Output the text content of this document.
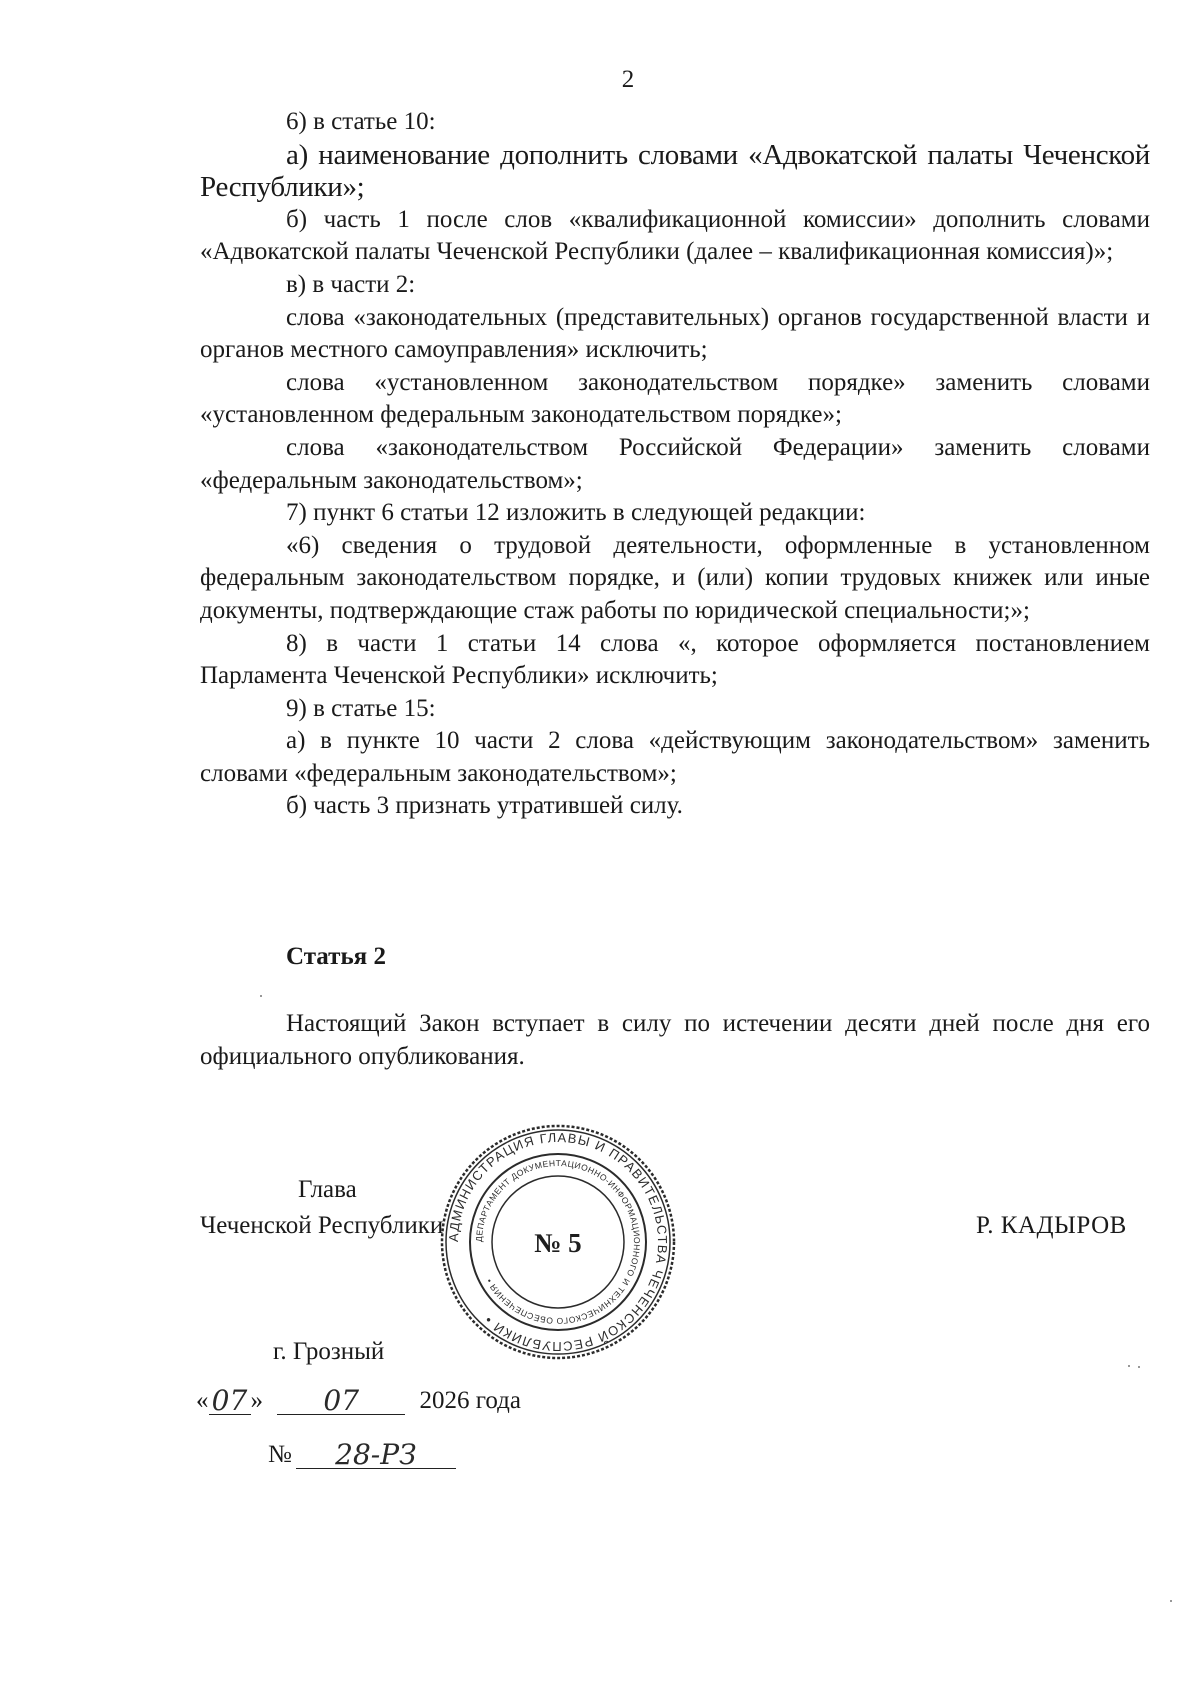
2

6) в статье 10:

а) наименование дополнить словами «Адвокатской палаты Чеченской Республики»;

б) часть 1 после слов «квалификационной комиссии» дополнить словами «Адвокатской палаты Чеченской Республики (далее – квалификационная комиссия)»;

в) в части 2:

слова «законодательных (представительных) органов государственной власти и органов местного самоуправления» исключить;

слова «установленном законодательством порядке» заменить словами «установленном федеральным законодательством порядке»;

слова «законодательством Российской Федерации» заменить словами «федеральным законодательством»;

7) пункт 6 статьи 12 изложить в следующей редакции:

«6) сведения о трудовой деятельности, оформленные в установленном федеральным законодательством порядке, и (или) копии трудовых книжек или иные документы, подтверждающие стаж работы по юридической специальности;»;

8) в части 1 статьи 14 слова «, которое оформляется постановлением Парламента Чеченской Республики» исключить;

9) в статье 15:

а) в пункте 10 части 2 слова «действующим законодательством» заменить словами «федеральным законодательством»;

б) часть 3 признать утратившей силу.

Статья 2

Настоящий Закон вступает в силу по истечении десяти дней после дня его официального опубликования.

Глава
Чеченской Республики	Р. КАДЫРОВ
АДМИНИСТРАЦИЯ ГЛАВЫ И ПРАВИТЕЛЬСТВА ЧЕЧЕНСКОЙ РЕСПУБЛИКИ •
ДЕПАРТАМЕНТ ДОКУМЕНТАЦИОННО-ИНФОРМАЦИОННОГО И ТЕХНИЧЕСКОГО ОБЕСПЕЧЕНИЯ •
№ 5
г. Грозный
« 07 » 07 2026 года
№ 28-РЗ
